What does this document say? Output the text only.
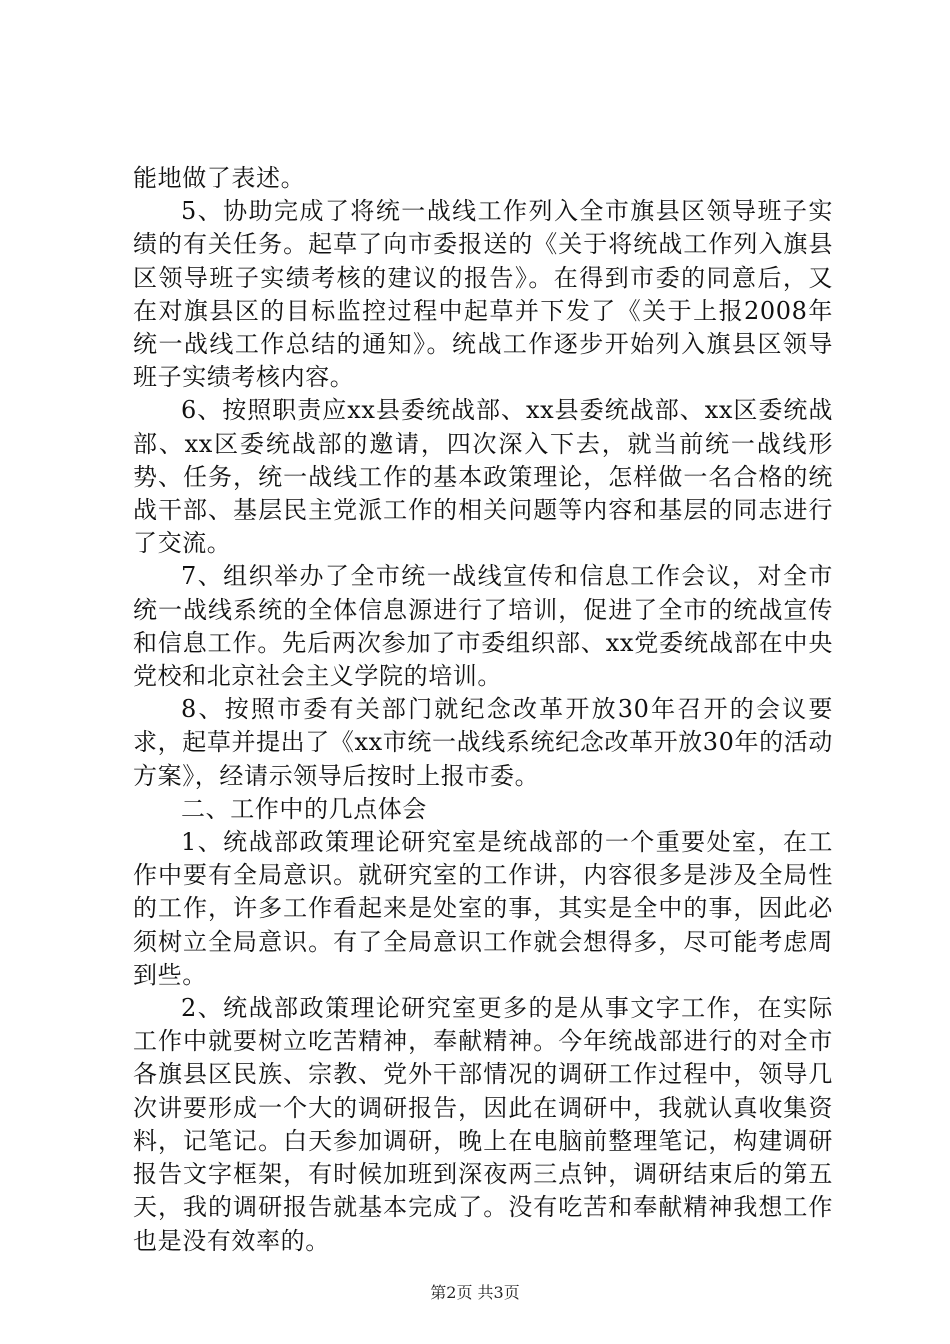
能地做了表述。

5、协助完成了将统一战线工作列入全市旗县区领导班子实绩的有关任务。起草了向市委报送的《关于将统战工作列入旗县区领导班子实绩考核的建议的报告》。在得到市委的同意后，又在对旗县区的目标监控过程中起草并下发了《关于上报2008年统一战线工作总结的通知》。统战工作逐步开始列入旗县区领导班子实绩考核内容。

6、按照职责应xx县委统战部、xx县委统战部、xx区委统战部、xx区委统战部的邀请，四次深入下去，就当前统一战线形势、任务，统一战线工作的基本政策理论，怎样做一名合格的统战干部、基层民主党派工作的相关问题等内容和基层的同志进行了交流。

7、组织举办了全市统一战线宣传和信息工作会议，对全市统一战线系统的全体信息源进行了培训，促进了全市的统战宣传和信息工作。先后两次参加了市委组织部、xx党委统战部在中央党校和北京社会主义学院的培训。

8、按照市委有关部门就纪念改革开放30年召开的会议要求，起草并提出了《xx市统一战线系统纪念改革开放30年的活动方案》，经请示领导后按时上报市委。

二、工作中的几点体会

1、统战部政策理论研究室是统战部的一个重要处室，在工作中要有全局意识。就研究室的工作讲，内容很多是涉及全局性的工作，许多工作看起来是处室的事，其实是全中的事，因此必须树立全局意识。有了全局意识工作就会想得多，尽可能考虑周到些。

2、统战部政策理论研究室更多的是从事文字工作，在实际工作中就要树立吃苦精神，奉献精神。今年统战部进行的对全市各旗县区民族、宗教、党外干部情况的调研工作过程中，领导几次讲要形成一个大的调研报告，因此在调研中，我就认真收集资料，记笔记。白天参加调研，晚上在电脑前整理笔记，构建调研报告文字框架，有时候加班到深夜两三点钟，调研结束后的第五天，我的调研报告就基本完成了。没有吃苦和奉献精神我想工作也是没有效率的。

第2页 共3页
